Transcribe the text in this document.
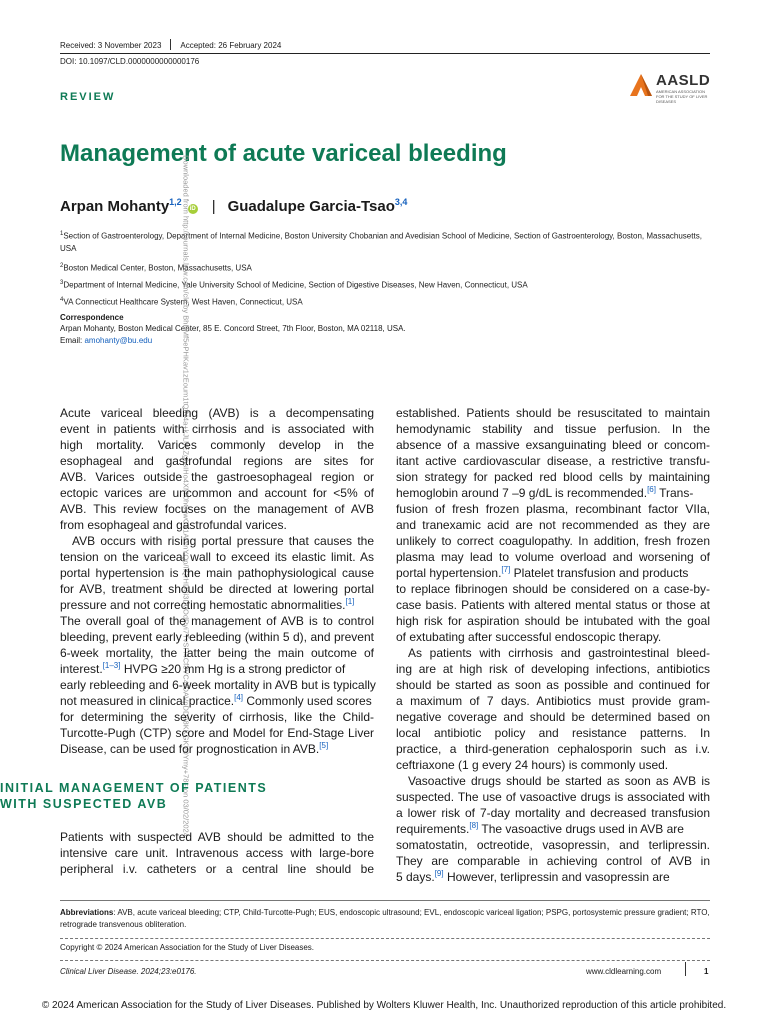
Received: 3 November 2023 Accepted: 26 February 2024
DOI: 10.1097/CLD.0000000000000176
REVIEW
AASLD
AMERICAN ASSOCIATION FOR THE STUDY OF LIVER DISEASES
Management of acute variceal bleeding
Arpan Mohanty$^{1,2}$iD | Guadalupe Garcia-Tsao$^{3,4}$
$^1$Section of Gastroenterology, Department of Internal Medicine, Boston University Chobanian and Avedisian School of Medicine, Section of Gastroenterology, Boston, Massachusetts, USA
$^2$Boston Medical Center, Boston, Massachusetts, USA
$^3$Department of Internal Medicine, Yale University School of Medicine, Section of Digestive Diseases, New Haven, Connecticut, USA
$^4$VA Connecticut Healthcare System, West Haven, Connecticut, USA
Correspondence
Arpan Mohanty, Boston Medical Center, 85 E. Concord Street, 7th Floor, Boston, MA 02118, USA.
Email: amohanty@bu.edu	Downloaded from http://journals.lww.com/cld by BhDMf5ePHKav1zEoum1tQfN4a+kJLhEZgbsIHo4XMi0hCywCX1AWnYQp/IlQrHD3i3D0OdRyi7TvSFl4Cf3VC4/OAVpDDa8KKGKV0Ymy+78= on 03/02/2024
Acute variceal bleeding (AVB) is a decompensating
event in patients with cirrhosis and is associated with
high mortality. Varices commonly develop in the
esophageal and gastrofundal regions are sites for
AVB. Varices outside the gastroesophageal region or
ectopic varices are uncommon and account for <5% of
AVB. This review focuses on the management of AVB
from esophageal and gastrofundal varices.
AVB occurs with rising portal pressure that causes the
tension on the variceal wall to exceed its elastic limit. As
portal hypertension is the main pathophysiological cause
for AVB, treatment should be directed at lowering portal
pressure and not correcting hemostatic abnormalities.[1]
The overall goal of the management of AVB is to control
bleeding, prevent early rebleeding (within 5 d), and prevent
6-week mortality, the latter being the main outcome of
interest.[1–3] HVPG ≥20 mm Hg is a strong predictor of
early rebleeding and 6-week mortality in AVB but is typically
not measured in clinical practice.[4] Commonly used scores
for determining the severity of cirrhosis, like the Child-
Turcotte-Pugh (CTP) score and Model for End-Stage Liver
Disease, can be used for prognostication in AVB.[5]
Patients with suspected AVB should be admitted to the
intensive care unit. Intravenous access with large-bore
peripheral i.v. catheters or a central line should be
INITIAL MANAGEMENT OF PATIENTS
WITH SUSPECTED AVB
established. Patients should be resuscitated to maintain
hemodynamic stability and tissue perfusion. In the
absence of a massive exsanguinating bleed or concom-
itant active cardiovascular disease, a restrictive transfu-
sion strategy for packed red blood cells by maintaining
hemoglobin around 7 –9 g/dL is recommended.[6] Trans-
fusion of fresh frozen plasma, recombinant factor VIIa,
and tranexamic acid are not recommended as they are
unlikely to correct coagulopathy. In addition, fresh frozen
plasma may lead to volume overload and worsening of
portal hypertension.[7] Platelet transfusion and products
to replace fibrinogen should be considered on a case-by-
case basis. Patients with altered mental status or those at
high risk for aspiration should be intubated with the goal
of extubating after successful endoscopic therapy.
As patients with cirrhosis and gastrointestinal bleed-
ing are at high risk of developing infections, antibiotics
should be started as soon as possible and continued for
a maximum of 7 days. Antibiotics must provide gram-
negative coverage and should be determined based on
local antibiotic policy and resistance patterns. In
practice, a third-generation cephalosporin such as i.v.
ceftriaxone (1 g every 24 hours) is commonly used.
Vasoactive drugs should be started as soon as AVB is
suspected. The use of vasoactive drugs is associated with
a lower risk of 7-day mortality and decreased transfusion
requirements.[8] The vasoactive drugs used in AVB are
somatostatin, octreotide, vasopressin, and terlipressin.
They are comparable in achieving control of AVB in
5 days.[9] However, terlipressin and vasopressin are
Abbreviations: AVB, acute variceal bleeding; CTP, Child-Turcotte-Pugh; EUS, endoscopic ultrasound; EVL, endoscopic variceal ligation; PSPG, portosystemic pressure gradient; RTO, retrograde transvenous obliteration.
Copyright © 2024 American Association for the Study of Liver Diseases.
Clinical Liver Disease. 2024;23:e0176.	www.cldlearning.com	1
© 2024 American Association for the Study of Liver Diseases. Published by Wolters Kluwer Health, Inc. Unauthorized reproduction of this article prohibited.
